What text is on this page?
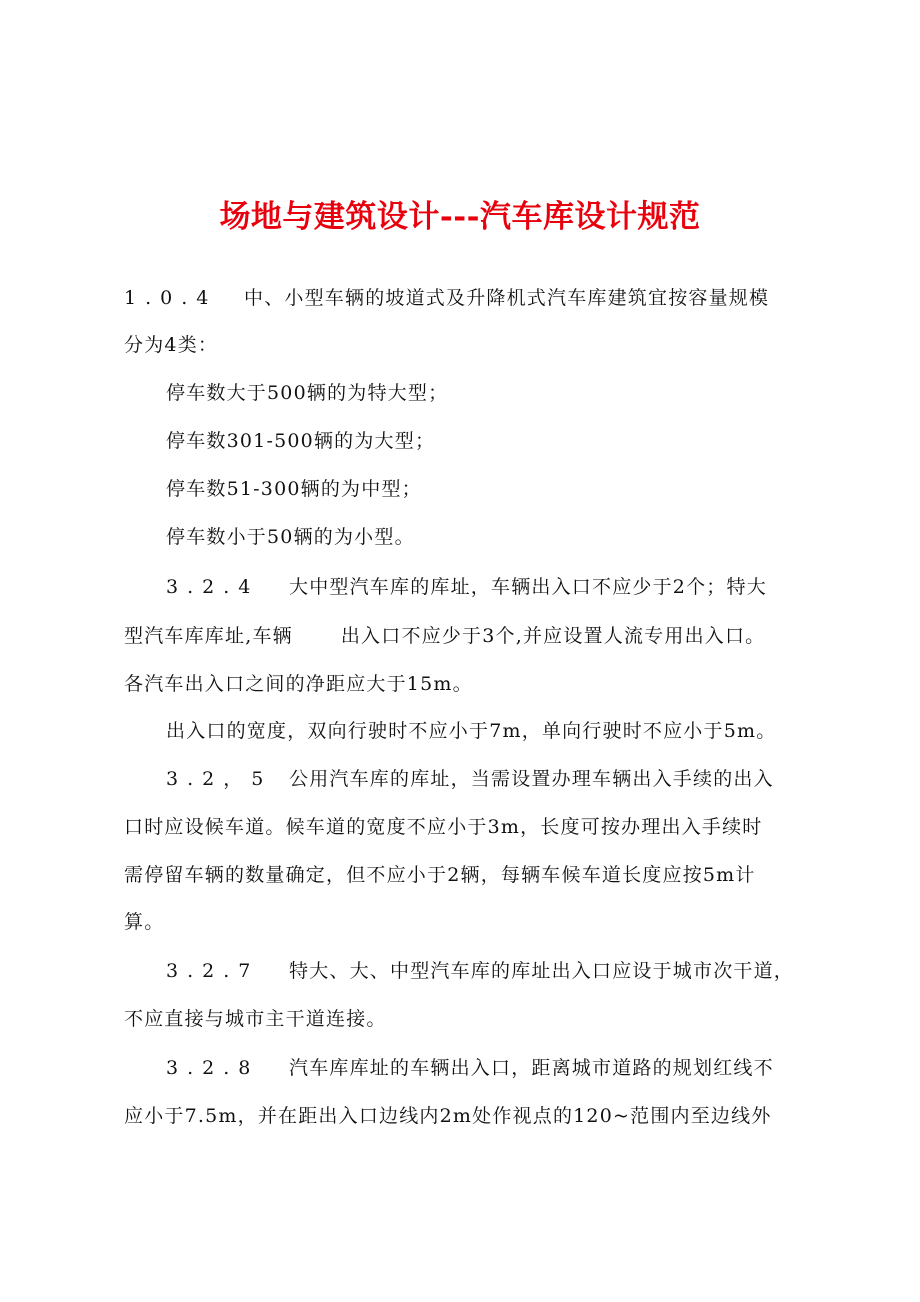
场地与建筑设计---汽车库设计规范
1.0.4 中、小型车辆的坡道式及升降机式汽车库建筑宜按容量规模
分为4类：
停车数大于500辆的为特大型；
停车数301-500辆的为大型；
停车数51-300辆的为中型；
停车数小于50辆的为小型。
3.2.4 大中型汽车库的库址，车辆出入口不应少于2个；特大
型汽车库库址,车辆	出入口不应少于3个,并应设置人流专用出入口。
各汽车出入口之间的净距应大于15m。
出入口的宽度，双向行驶时不应小于7m，单向行驶时不应小于5m。
3.2，5 公用汽车库的库址，当需设置办理车辆出入手续的出入
口时应设候车道。候车道的宽度不应小于3m，长度可按办理出入手续时
需停留车辆的数量确定，但不应小于2辆，每辆车候车道长度应按5m计
算。
3.2.7 特大、大、中型汽车库的库址出入口应设于城市次干道，
不应直接与城市主干道连接。
3.2.8 汽车库库址的车辆出入口，距离城市道路的规划红线不
应小于7.5m，并在距出入口边线内2m处作视点的120~范围内至边线外
